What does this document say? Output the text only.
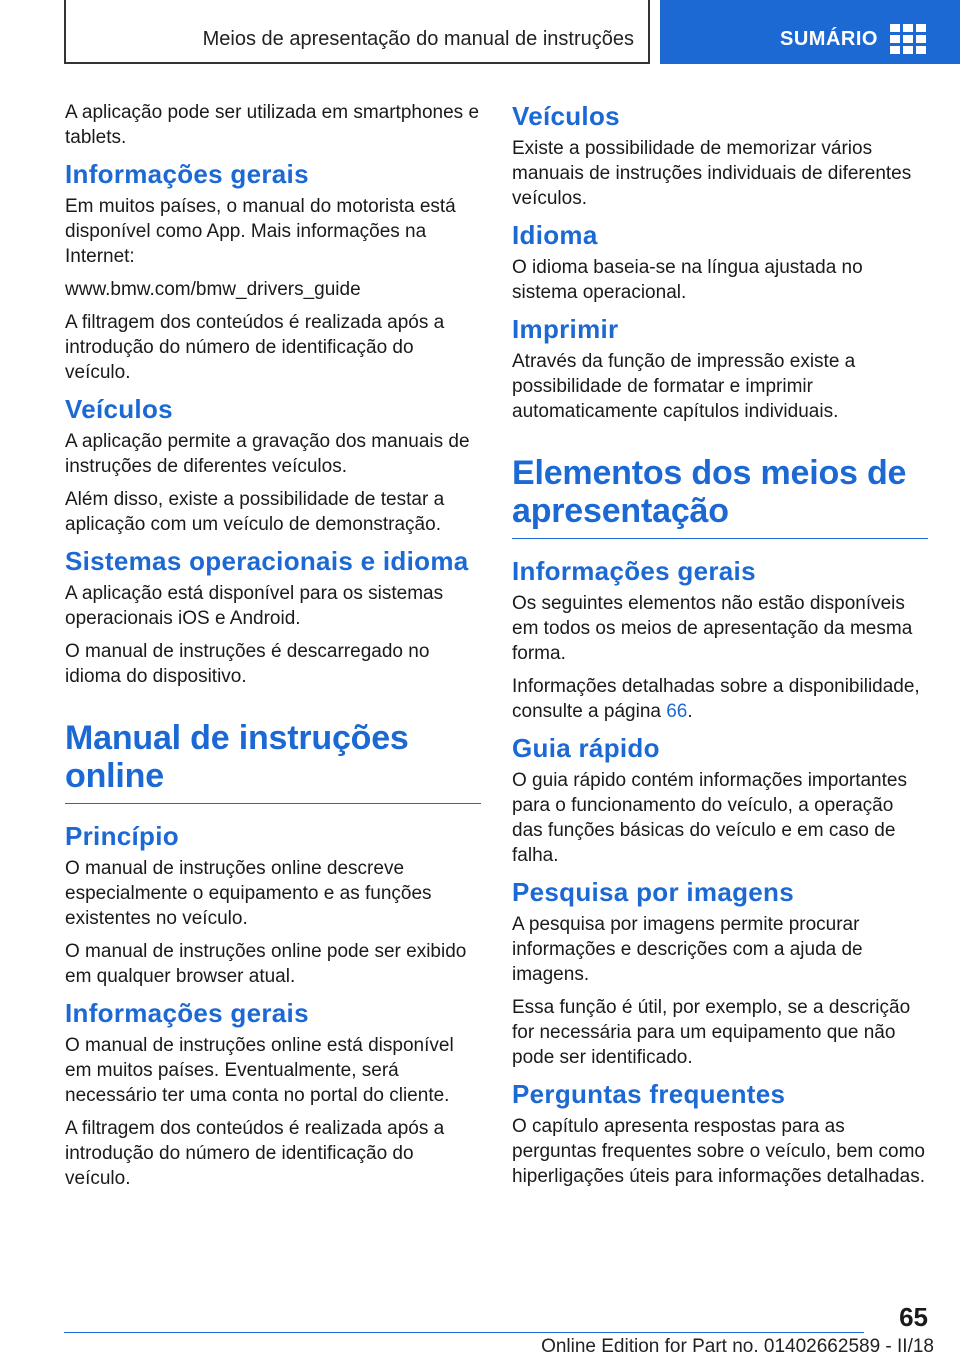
Meios de apresentação do manual de instruções	SUMÁRIO

A aplicação pode ser utilizada em smartphones e tablets.

Informações gerais

Em muitos países, o manual do motorista está disponível como App. Mais informações na Internet:

www.bmw.com/bmw_drivers_guide

A filtragem dos conteúdos é realizada após a introdução do número de identificação do veículo.

Veículos

A aplicação permite a gravação dos manuais de instruções de diferentes veículos.

Além disso, existe a possibilidade de testar a aplicação com um veículo de demonstração.

Sistemas operacionais e idioma

A aplicação está disponível para os sistemas operacionais iOS e Android.

O manual de instruções é descarregado no idioma do dispositivo.

Manual de instruções online
Princípio

O manual de instruções online descreve especialmente o equipamento e as funções existentes no veículo.

O manual de instruções online pode ser exibido em qualquer browser atual.

Informações gerais

O manual de instruções online está disponível em muitos países. Eventualmente, será necessário ter uma conta no portal do cliente.

A filtragem dos conteúdos é realizada após a introdução do número de identificação do veículo.

Veículos

Existe a possibilidade de memorizar vários manuais de instruções individuais de diferentes veículos.

Idioma

O idioma baseia-se na língua ajustada no sistema operacional.

Imprimir

Através da função de impressão existe a possibilidade de formatar e imprimir automaticamente capítulos individuais.

Elementos dos meios de apresentação
Informações gerais

Os seguintes elementos não estão disponíveis em todos os meios de apresentação da mesma forma.

Informações detalhadas sobre a disponibilidade, consulte a página 66.

Guia rápido

O guia rápido contém informações importantes para o funcionamento do veículo, a operação das funções básicas do veículo e em caso de falha.

Pesquisa por imagens

A pesquisa por imagens permite procurar informações e descrições com a ajuda de imagens.

Essa função é útil, por exemplo, se a descrição for necessária para um equipamento que não pode ser identificado.

Perguntas frequentes

O capítulo apresenta respostas para as perguntas frequentes sobre o veículo, bem como hiperligações úteis para informações detalhadas.

65
Online Edition for Part no. 01402662589 - II/18
